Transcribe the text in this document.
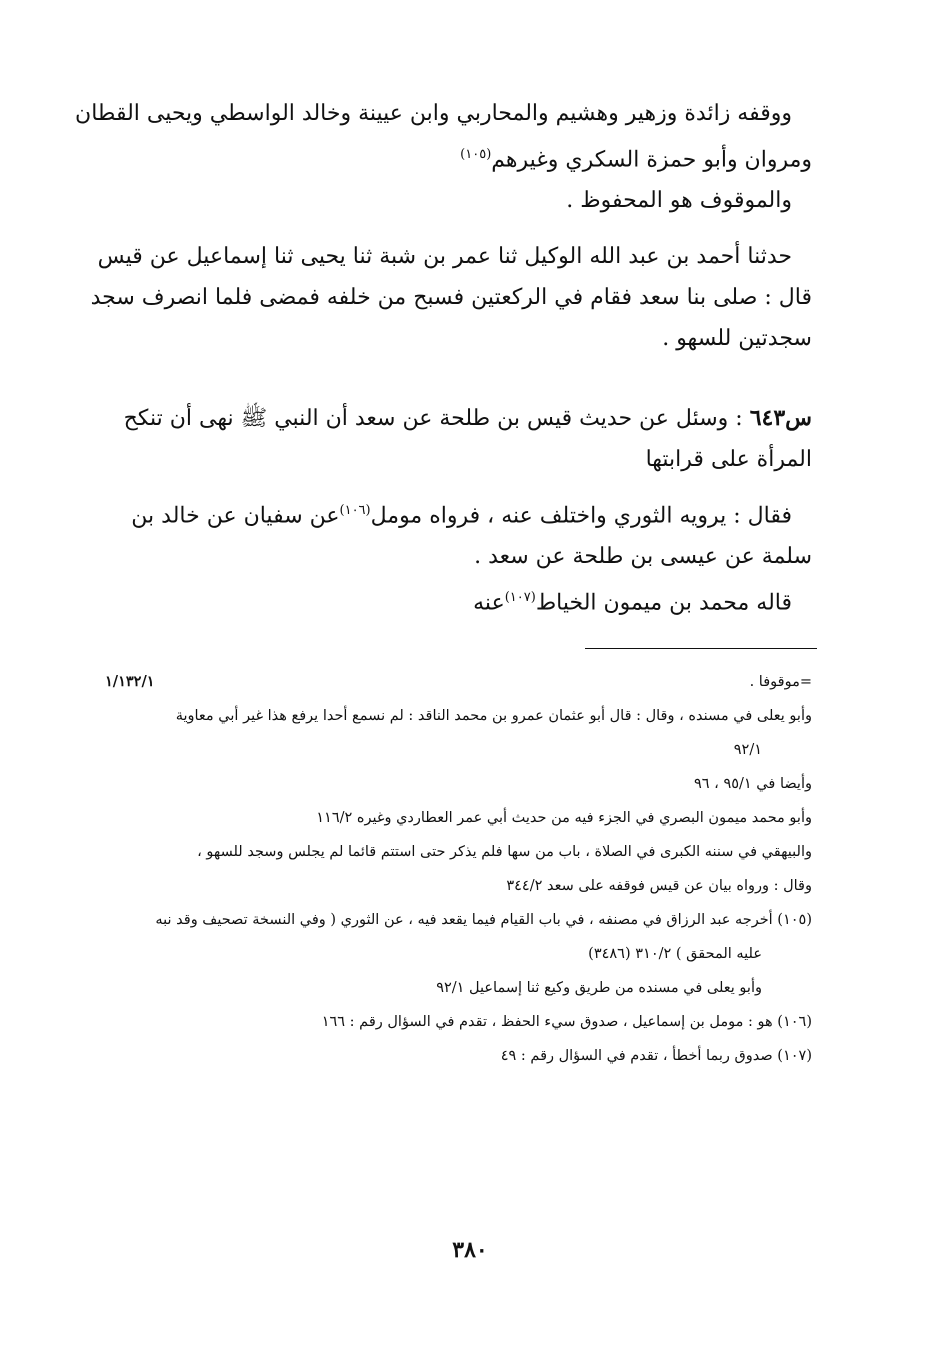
ووقفه زائدة وزهير وهشيم والمحاربي وابن عيينة وخالد الواسطي ويحيى القطان
ومروان وأبو حمزة السكري وغيرهم$^{(١٠٥)}$
والموقوف هو المحفوظ .
حدثنا أحمد بن عبد الله الوكيل ثنا عمر بن شبة ثنا يحيى ثنا إسماعيل عن قيس
قال : صلى بنا سعد فقام في الركعتين فسبح من خلفه فمضى فلما انصرف سجد
سجدتين للسهو .
س٦٤٣ : وسئل عن حديث قيس بن طلحة عن سعد أن النبي ﷺ نهى أن تنكح
المرأة على قرابتها
فقال : يرويه الثوري واختلف عنه ، فرواه مومل$^{(١٠٦)}$عن سفيان عن خالد بن
سلمة عن عيسى بن طلحة عن سعد .
قاله محمد بن ميمون الخياط$^{(١٠٧)}$عنه
=موقوفا .
١/١٣٢/١
وأبو يعلى في مسنده ، وقال : قال أبو عثمان عمرو بن محمد الناقد : لم نسمع أحدا يرفع هذا غير أبي معاوية
٩٢/١
وأيضا في ٩٥/١ ، ٩٦
وأبو محمد ميمون البصري في الجزء فيه من حديث أبي عمر العطاردي وغيره ١١٦/٢
والبيهقي في سننه الكبرى في الصلاة ، باب من سها فلم يذكر حتى استتم قائما لم يجلس وسجد للسهو ،
وقال : ورواه بيان عن قيس فوقفه على سعد ٣٤٤/٢
(١٠٥) أخرجه عبد الرزاق في مصنفه ، في باب القيام فيما يقعد فيه ، عن الثوري ( وفي النسخة تصحيف وقد نبه
عليه المحقق ) ٣١٠/٢ (٣٤٨٦)
وأبو يعلى في مسنده من طريق وكيع ثنا إسماعيل ٩٢/١
(١٠٦) هو : مومل بن إسماعيل ، صدوق سيء الحفظ ، تقدم في السؤال رقم : ١٦٦
(١٠٧) صدوق ربما أخطأ ، تقدم في السؤال رقم : ٤٩
٣٨٠
